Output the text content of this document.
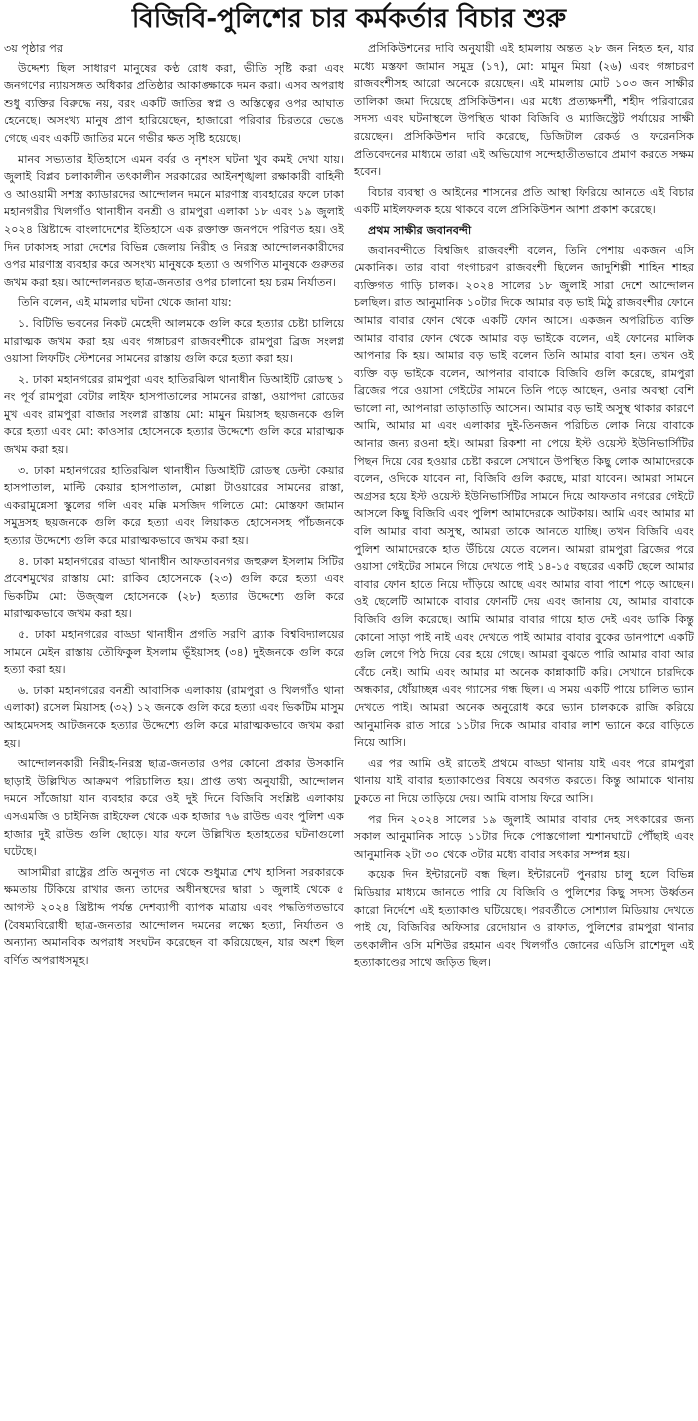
বিজিবি-পুলিশের চার কর্মকর্তার বিচার শুরু
৩য় পৃষ্ঠার পর

উদ্দেশ্য ছিল সাধারণ মানুষের কণ্ঠ রোধ করা, ভীতি সৃষ্টি করা এবং জনগণের ন্যায়সঙ্গত অধিকার প্রতিষ্ঠার আকাঙ্ক্ষাকে দমন করা। এসব অপরাধ শুধু ব্যক্তির বিরুদ্ধে নয়, বরং একটি জাতির স্বপ্ন ও অস্তিত্বের ওপর আঘাত হেনেছে। অসংখ্য মানুষ প্রাণ হারিয়েছেন, হাজারো পরিবার চিরতরে ভেঙে গেছে এবং একটি জাতির মনে গভীর ক্ষত সৃষ্টি হয়েছে।

মানব সভ্যতার ইতিহাসে এমন বর্বর ও নৃশংস ঘটনা খুব কমই দেখা যায়। জুলাই বিপ্লব চলাকালীন তৎকালীন সরকারের আইনশৃঙ্খলা রক্ষাকারী বাহিনী ও আওয়ামী সশস্ত্র ক্যাডারদের আন্দোলন দমনে মারণাস্ত্র ব্যবহারের ফলে ঢাকা মহানগরীর খিলগাঁও থানাধীন বনশ্রী ও রামপুরা এলাকা ১৮ এবং ১৯ জুলাই ২০২৪ খ্রিষ্টাব্দে বাংলাদেশের ইতিহাসে এক রক্তাক্ত জনপদে পরিণত হয়। ওই দিন ঢাকাসহ সারা দেশের বিভিন্ন জেলায় নিরীহ ও নিরস্ত্র আন্দোলনকারীদের ওপর মারণাস্ত্র ব্যবহার করে অসংখ্য মানুষকে হত্যা ও অগণিত মানুষকে গুরুতর জখম করা হয়। আন্দোলনরত ছাত্র-জনতার ওপর চালানো হয় চরম নির্যাতন।

তিনি বলেন, এই মামলার ঘটনা থেকে জানা যায়:

১. বিটিভি ভবনের নিকট মেহেদী আলমকে গুলি করে হত্যার চেষ্টা চালিয়ে মারাত্মক জখম করা হয় এবং গঙ্গাচরণ রাজবংশীকে রামপুরা ব্রিজ সংলগ্ন ওয়াসা লিফটিং স্টেশনের সামনের রাস্তায় গুলি করে হত্যা করা হয়।

২. ঢাকা মহানগরের রামপুরা এবং হাতিরঝিল থানাধীন ডিআইটি রোডস্থ ১ নং পূর্ব রামপুরা বেটার লাইফ হাসপাতালের সামনের রাস্তা, ওয়াপদা রোডের মুখ এবং রামপুরা বাজার সংলগ্ন রাস্তায় মো: মামুন মিয়াসহ ছয়জনকে গুলি করে হত্যা এবং মো: কাওসার হোসেনকে হত্যার উদ্দেশ্যে গুলি করে মারাত্মক জখম করা হয়।

৩. ঢাকা মহানগরের হাতিরঝিল থানাধীন ডিআইটি রোডস্থ ডেল্টা কেয়ার হাসপাতাল, মাল্টি কেয়ার হাসপাতাল, মোল্লা টাওয়ারের সামনের রাস্তা, একরামুন্নেসা স্কুলের গলি এবং মক্কি মসজিদ গলিতে মো: মোস্তফা জামান সমুদ্রসহ ছয়জনকে গুলি করে হত্যা এবং লিয়াকত হোসেনসহ পাঁচজনকে হত্যার উদ্দেশ্যে গুলি করে মারাত্মকভাবে জখম করা হয়।

৪. ঢাকা মহানগরের বাড্ডা থানাধীন আফতাবনগর জহুরুল ইসলাম সিটির প্রবেশমুখের রাস্তায় মো: রাকিব হোসেনকে (২৩) গুলি করে হত্যা এবং ভিকটিম মো: উজ্জ্বল হোসেনকে (২৮) হত্যার উদ্দেশ্যে গুলি করে মারাত্মকভাবে জখম করা হয়।

৫. ঢাকা মহানগরের বাড্ডা থানাধীন প্রগতি সরণি ব্র্যাক বিশ্ববিদ্যালয়ের সামনে মেইন রাস্তায় তৌফিকুল ইসলাম ভূঁইয়াসহ (৩৪) দুইজনকে গুলি করে হত্যা করা হয়।

৬. ঢাকা মহানগরের বনশ্রী আবাসিক এলাকায় (রামপুরা ও খিলগাঁও থানা এলাকা) রসেল মিয়াসহ (৩২) ১২ জনকে গুলি করে হত্যা এবং ভিকটিম মাসুম আহমেদসহ আটজনকে হত্যার উদ্দেশ্যে গুলি করে মারাত্মকভাবে জখম করা হয়।

আন্দোলনকারী নিরীহ-নিরস্ত্র ছাত্র-জনতার ওপর কোনো প্রকার উসকানি ছাড়াই উল্লিখিত আক্রমণ পরিচালিত হয়। প্রাপ্ত তথ্য অনুযায়ী, আন্দোলন দমনে সাঁজোয়া যান ব্যবহার করে ওই দুই দিনে বিজিবি সংশ্লিষ্ট এলাকায় এসএমজি ও চাইনিজ রাইফেল থেকে এক হাজার ৭৬ রাউন্ড এবং পুলিশ এক হাজার দুই রাউন্ড গুলি ছোড়ে। যার ফলে উল্লিখিত হতাহতের ঘটনাগুলো ঘটেছে।

আসামীরা রাষ্ট্রের প্রতি অনুগত না থেকে শুধুমাত্র শেখ হাসিনা সরকারকে ক্ষমতায় টিকিয়ে রাখার জন্য তাদের অধীনস্থদের দ্বারা ১ জুলাই থেকে ৫ আগস্ট ২০২৪ খ্রিষ্টাব্দ পর্যন্ত দেশব্যাপী ব্যাপক মাত্রায় এবং পদ্ধতিগতভাবে (বৈষম্যবিরোধী ছাত্র-জনতার আন্দোলন দমনের লক্ষ্যে হত্যা, নির্যাতন ও অন্যান্য অমানবিক অপরাধ সংঘটন করেছেন বা করিয়েছেন, যার অংশ ছিল বর্ণিত অপরাধসমূহ।

প্রসিকিউশনের দাবি অনুযায়ী এই হামলায় অন্তত ২৮ জন নিহত হন, যার মধ্যে মস্তফা জামান সমুদ্র (১৭), মো: মামুন মিয়া (২৬) এবং গঙ্গাচরণ রাজবংশীসহ আরো অনেকে রয়েছেন। এই মামলায় মোট ১০৩ জন সাক্ষীর তালিকা জমা দিয়েছে প্রসিকিউশন। এর মধ্যে প্রত্যক্ষদর্শী, শহীদ পরিবারের সদস্য এবং ঘটনাস্থলে উপস্থিত থাকা বিজিবি ও ম্যাজিস্ট্রেট পর্যায়ের সাক্ষী রয়েছেন। প্রসিকিউশন দাবি করেছে, ডিজিটাল রেকর্ড ও ফরেনসিক প্রতিবেদনের মাধ্যমে তারা এই অভিযোগ সন্দেহাতীতভাবে প্রমাণ করতে সক্ষম হবেন।

বিচার ব্যবস্থা ও আইনের শাসনের প্রতি আস্থা ফিরিয়ে আনতে এই বিচার একটি মাইলফলক হয়ে থাকবে বলে প্রসিকিউশন আশা প্রকাশ করেছে।

প্রথম সাক্ষীর জবানবন্দী

জবানবন্দীতে বিশ্বজিৎ রাজবংশী বলেন, তিনি পেশায় একজন এসি মেকানিক। তার বাবা গংগাচরণ রাজবংশী ছিলেন জাদুশিল্পী শাহিন শাহর ব্যক্তিগত গাড়ি চালক। ২০২৪ সালের ১৮ জুলাই সারা দেশে আন্দোলন চলছিল। রাত আনুমানিক ১০টার দিকে আমার বড় ভাই মিঠু রাজবংশীর ফোনে আমার বাবার ফোন থেকে একটি ফোন আসে। একজন অপরিচিত ব্যক্তি আমার বাবার ফোন থেকে আমার বড় ভাইকে বলেন, এই ফোনের মালিক আপনার কি হয়। আমার বড় ভাই বলেন তিনি আমার বাবা হন। তখন ওই ব্যক্তি বড় ভাইকে বলেন, আপনার বাবাকে বিজিবি গুলি করেছে, রামপুরা ব্রিজের পরে ওয়াসা গেইটের সামনে তিনি পড়ে আছেন, ওনার অবস্থা বেশি ভালো না, আপনারা তাড়াতাড়ি আসেন। আমার বড় ভাই অসুস্থ থাকার কারণে আমি, আমার মা এবং এলাকার দুই-তিনজন পরিচিত লোক নিয়ে বাবাকে আনার জন্য রওনা হই। আমরা রিকশা না পেয়ে ইস্ট ওয়েস্ট ইউনিভার্সিটির পিছন দিয়ে বের হওয়ার চেষ্টা করলে সেখানে উপস্থিত কিছু লোক আমাদেরকে বলেন, ওদিকে যাবেন না, বিজিবি গুলি করছে, মারা যাবেন। আমরা সামনে অগ্রসর হয়ে ইস্ট ওয়েস্ট ইউনিভার্সিটির সামনে দিয়ে আফতাব নগরের গেইটে আসলে কিছু বিজিবি এবং পুলিশ আমাদেরকে আটকায়। আমি এবং আমার মা বলি আমার বাবা অসুস্থ, আমরা তাকে আনতে যাচ্ছি। তখন বিজিবি এবং পুলিশ আমাদেরকে হাত উঁচিয়ে যেতে বলেন। আমরা রামপুরা ব্রিজের পরে ওয়াসা গেইটের সামনে গিয়ে দেখতে পাই ১৪-১৫ বছরের একটি ছেলে আমার বাবার ফোন হাতে নিয়ে দাঁড়িয়ে আছে এবং আমার বাবা পাশে পড়ে আছেন। ওই ছেলেটি আমাকে বাবার ফোনটি দেয় এবং জানায় যে, আমার বাবাকে বিজিবি গুলি করেছে। আমি আমার বাবার গায়ে হাত দেই এবং ডাকি কিন্তু কোনো সাড়া পাই নাই এবং দেখতে পাই আমার বাবার বুকের ডানপাশে একটি গুলি লেগে পিঠ দিয়ে বের হয়ে গেছে। আমরা বুঝতে পারি আমার বাবা আর বেঁচে নেই। আমি এবং আমার মা অনেক কান্নাকাটি করি। সেখানে চারদিকে অন্ধকার, ধোঁয়াচ্ছন্ন এবং গ্যাসের গন্ধ ছিল। এ সময় একটি পায়ে চালিত ভ্যান দেখতে পাই। আমরা অনেক অনুরোধ করে ভ্যান চালককে রাজি করিয়ে আনুমানিক রাত সারে ১১টার দিকে আমার বাবার লাশ ভ্যানে করে বাড়িতে নিয়ে আসি।

এর পর আমি ওই রাতেই প্রথমে বাড্ডা থানায় যাই এবং পরে রামপুরা থানায় যাই বাবার হত্যাকাণ্ডের বিষয়ে অবগত করতে। কিন্তু আমাকে থানায় ঢুকতে না দিয়ে তাড়িয়ে দেয়। আমি বাসায় ফিরে আসি।

পর দিন ২০২৪ সালের ১৯ জুলাই আমার বাবার দেহ সৎকারের জন্য সকাল আনুমানিক সাড়ে ১১টার দিকে পোস্তগোলা শ্মশানঘাটে পৌঁছাই এবং আনুমানিক ২টা ৩০ থেকে ৩টার মধ্যে বাবার সৎকার সম্পন্ন হয়।

কয়েক দিন ইন্টারনেট বন্ধ ছিল। ইন্টারনেট পুনরায় চালু হলে বিভিন্ন মিডিয়ার মাধ্যমে জানতে পারি যে বিজিবি ও পুলিশের কিছু সদস্য উর্ধ্বতন কারো নির্দেশে এই হত্যাকাণ্ড ঘটিয়েছে। পরবর্তীতে সোশ্যাল মিডিয়ায় দেখতে পাই যে, বিজিবির অফিসার রেদোয়ান ও রাফাত, পুলিশের রামপুরা থানার তৎকালীন ওসি মশিউর রহমান এবং খিলগাঁও জোনের এডিসি রাশেদুল এই হত্যাকাণ্ডের সাথে জড়িত ছিল।
